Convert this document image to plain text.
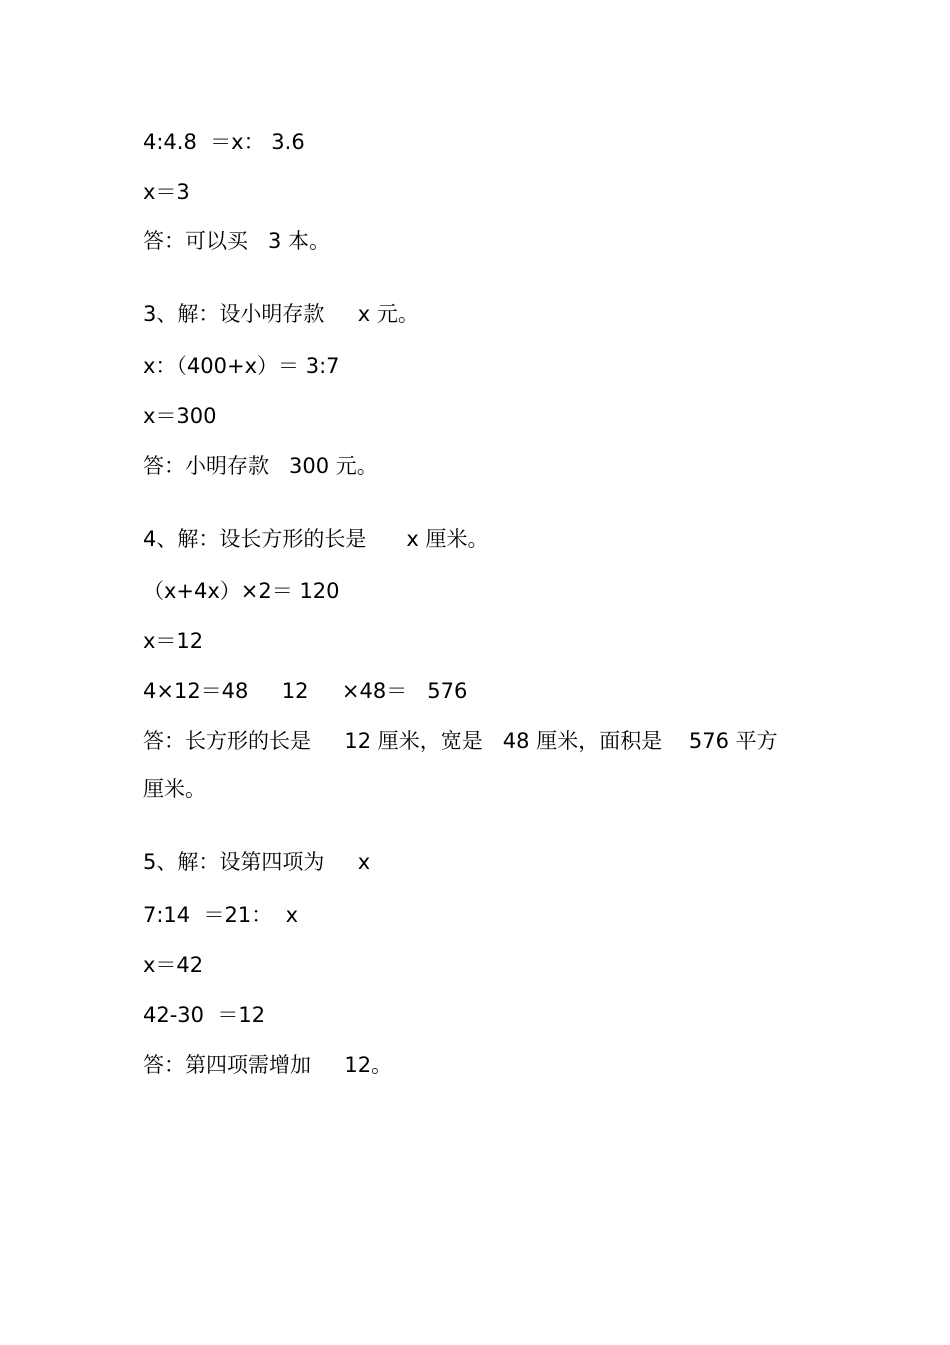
4:4.8  ＝x： 3.6
x＝3
答：可以买   3 本。
3、解：设小明存款     x 元。
x：（400+x）＝ 3:7
x＝300
答：小明存款   300 元。
4、解：设长方形的长是      x 厘米。
（x+4x）×2＝ 120
x＝12
4×12＝48     12     ×48＝   576
答：长方形的长是     12 厘米，宽是   48 厘米，面积是    576 平方
厘米。
5、解：设第四项为     x
7:14  ＝21：  x
x＝42
42-30  ＝12
答：第四项需增加     12。
